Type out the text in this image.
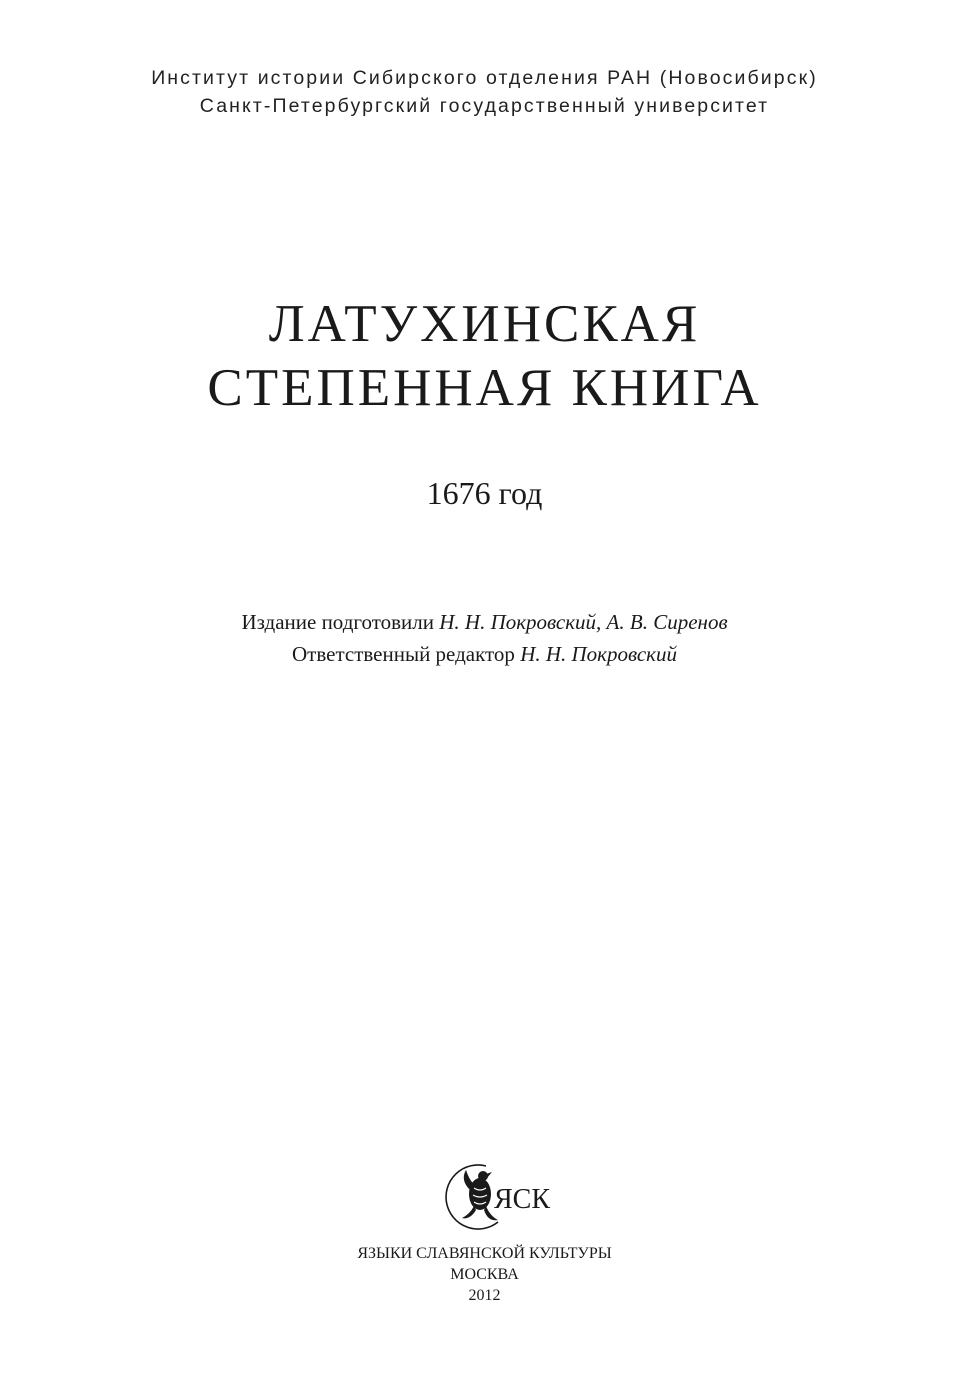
Институт истории Сибирского отделения РАН (Новосибирск)
Санкт-Петербургский государственный университет
ЛАТУХИНСКАЯ
СТЕПЕННАЯ КНИГА
1676 год
Издание подготовили Н. Н. Покровский, А. В. Сиренов
Ответственный редактор Н. Н. Покровский
ЯСК
ЯЗЫКИ СЛАВЯНСКОЙ КУЛЬТУРЫ
МОСКВА
2012
